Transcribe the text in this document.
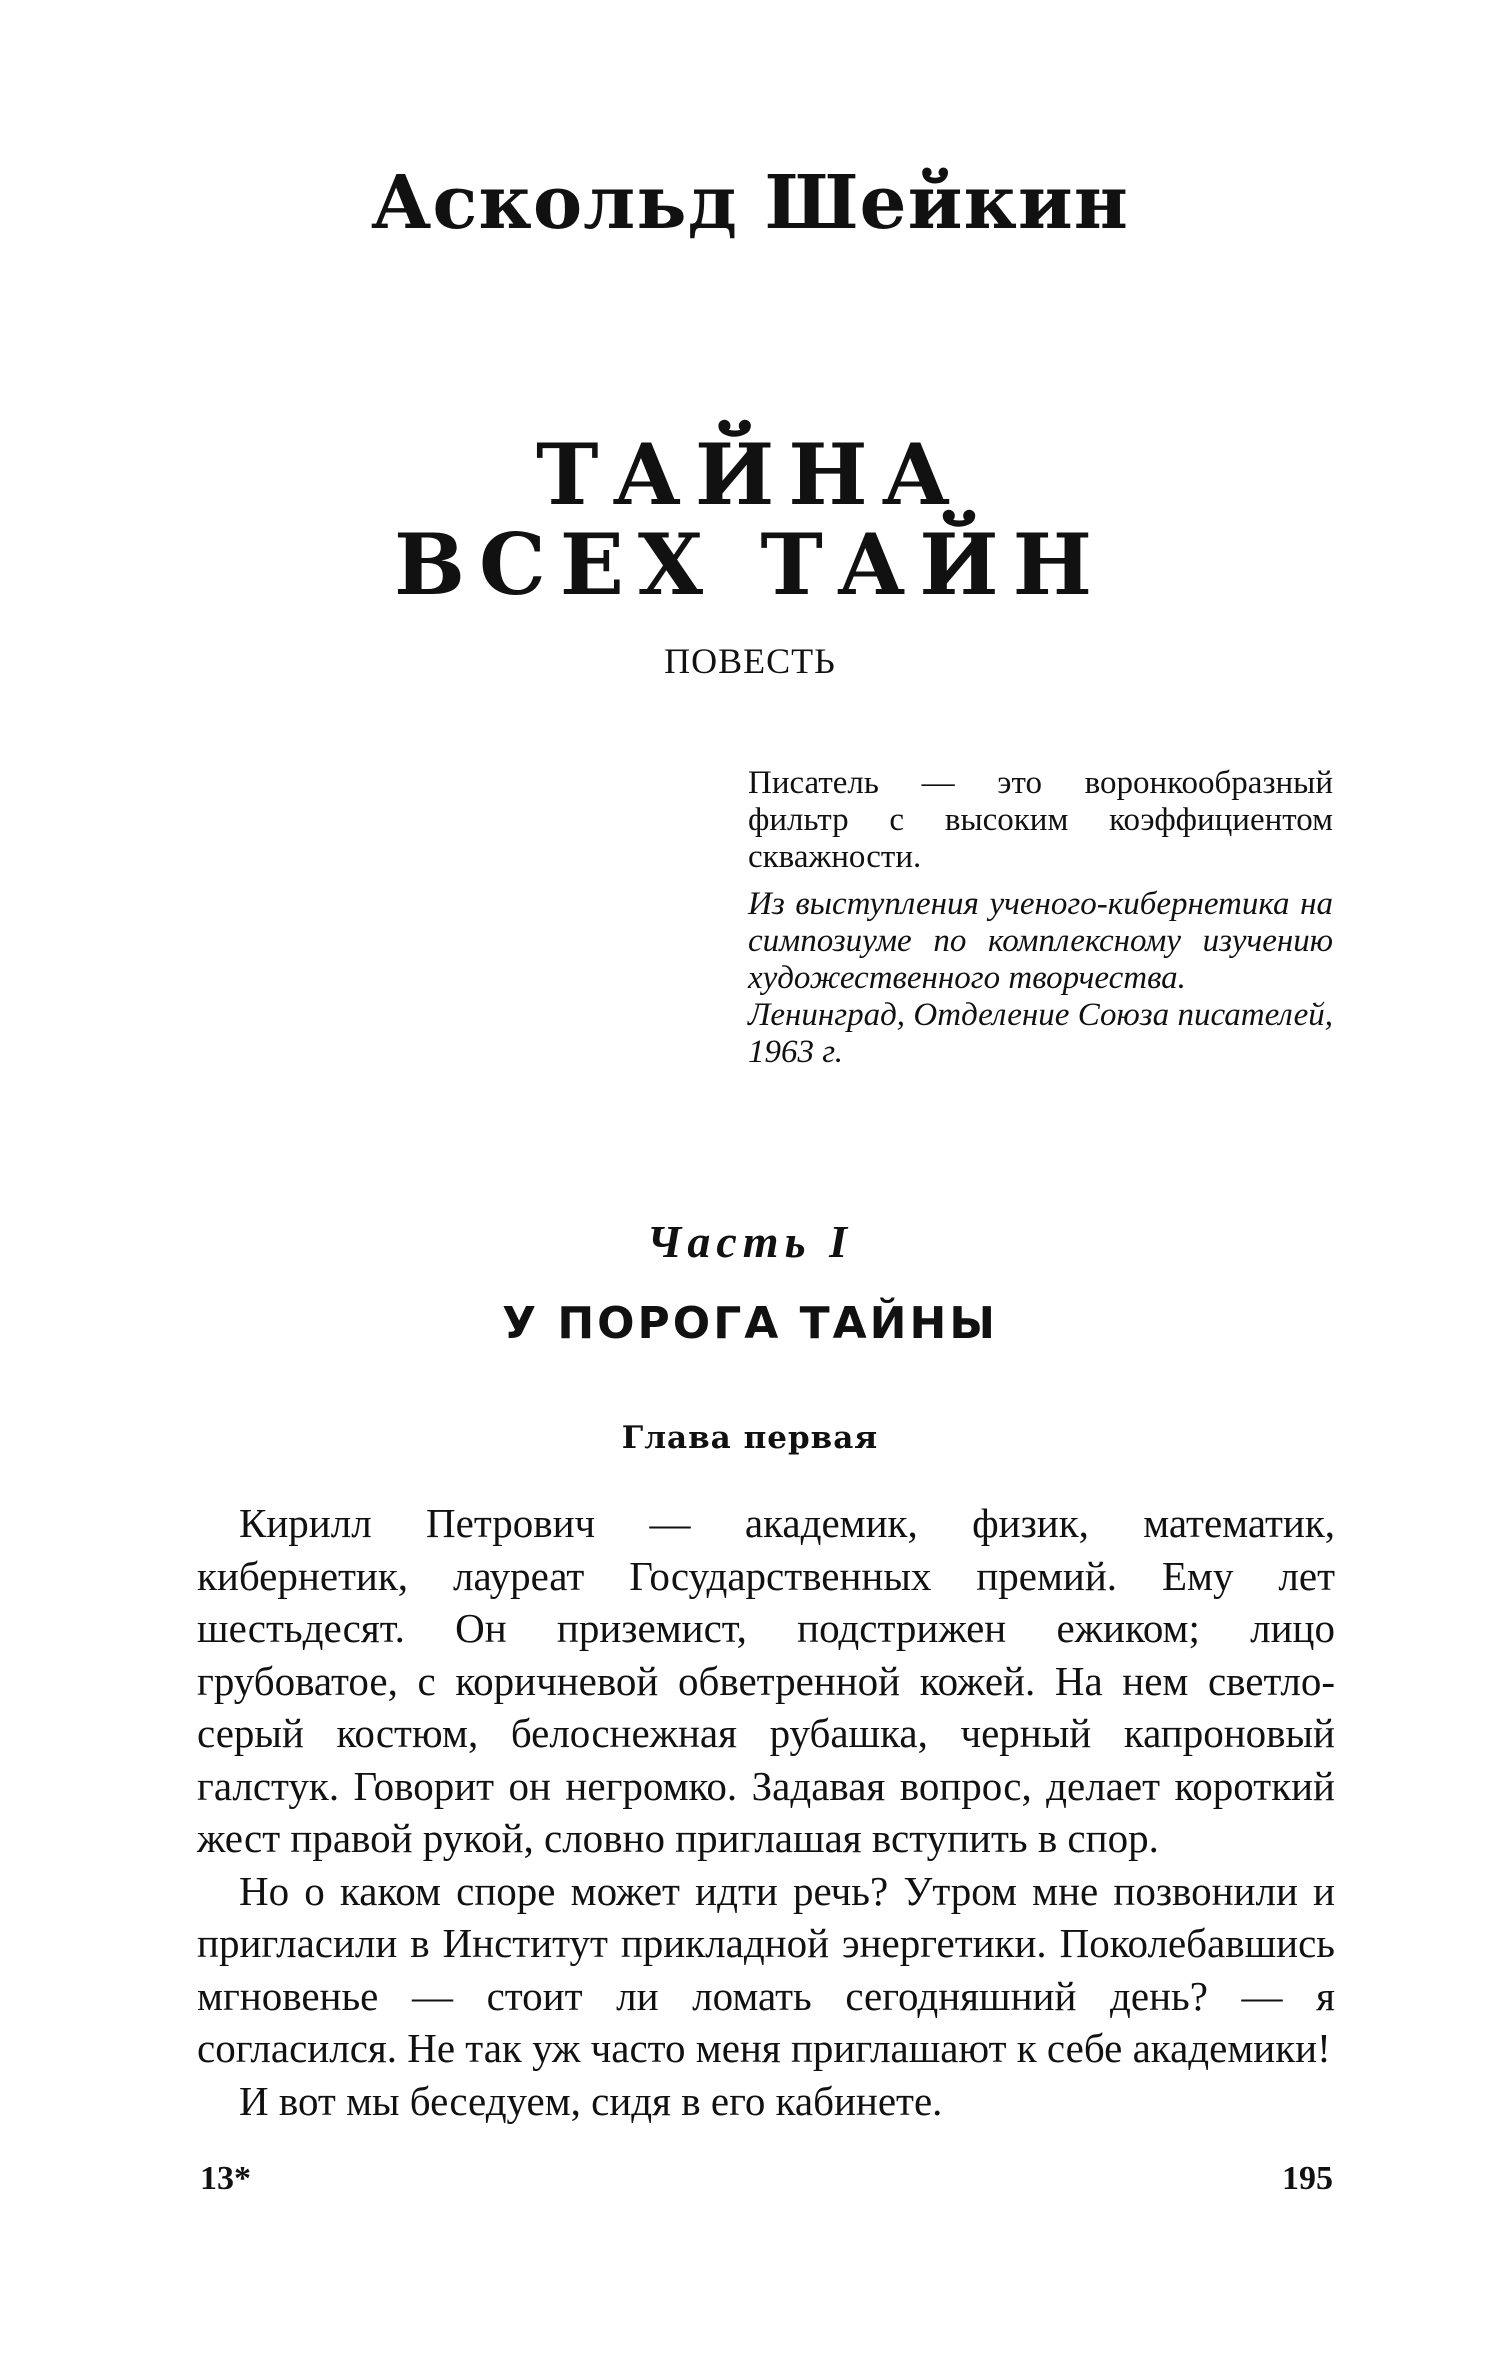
Аскольд Шейкин
ТАЙНА
ВСЕХ ТАЙН
ПОВЕСТЬ

Писатель — это воронкообразный фильтр с высоким коэффициентом скважности.

Из выступления ученого-кибернетика на симпозиуме по комплексному изучению художественного творчества.

Ленинград, Отделение Союза писателей, 1963 г.

Часть I
У ПОРОГА ТАЙНЫ
Глава первая

Кирилл Петрович — академик, физик, математик, кибернетик, лауреат Государственных премий. Ему лет шестьдесят. Он приземист, подстрижен ежиком; лицо грубоватое, с коричневой обветренной кожей. На нем светло-серый костюм, белоснежная рубашка, черный капроновый галстук. Говорит он негромко. Задавая вопрос, делает короткий жест правой рукой, словно приглашая вступить в спор.

Но о каком споре может идти речь? Утром мне позвонили и пригласили в Институт прикладной энергетики. Поколебавшись мгновенье — стоит ли ломать сегодняшний день? — я согласился. Не так уж часто меня приглашают к себе академики!

И вот мы беседуем, сидя в его кабинете.

13*	195
